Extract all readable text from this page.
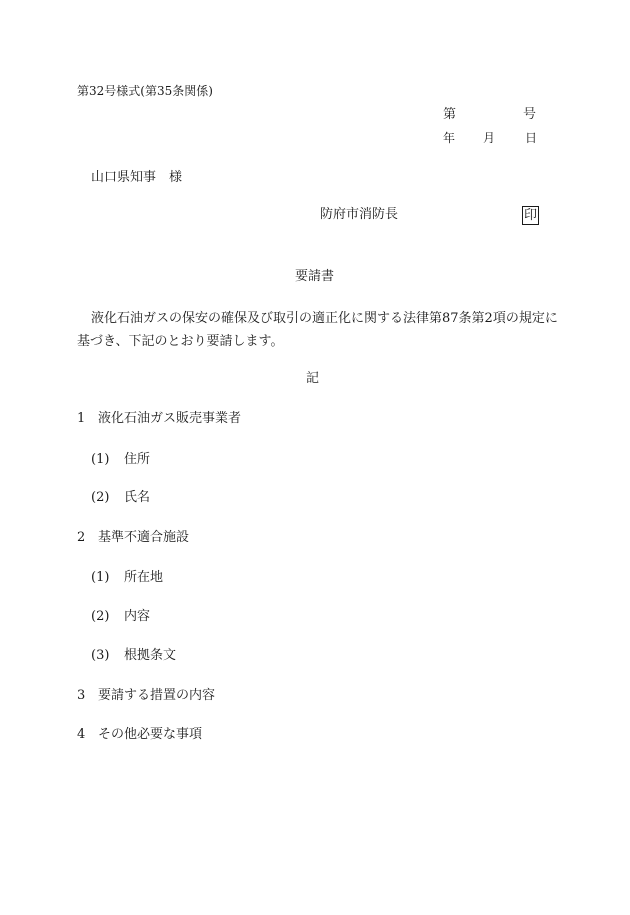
第32号様式(第35条関係)
第	号
年 月 日
山口県知事　様
防府市消防長	印
要請書
液化石油ガスの保安の確保及び取引の適正化に関する法律第87条第2項の規定に基づき、下記のとおり要請します。
記
1 液化石油ガス販売事業者
(1) 住所
(2) 氏名
2 基準不適合施設
(1) 所在地
(2) 内容
(3) 根拠条文
3 要請する措置の内容
4 その他必要な事項
